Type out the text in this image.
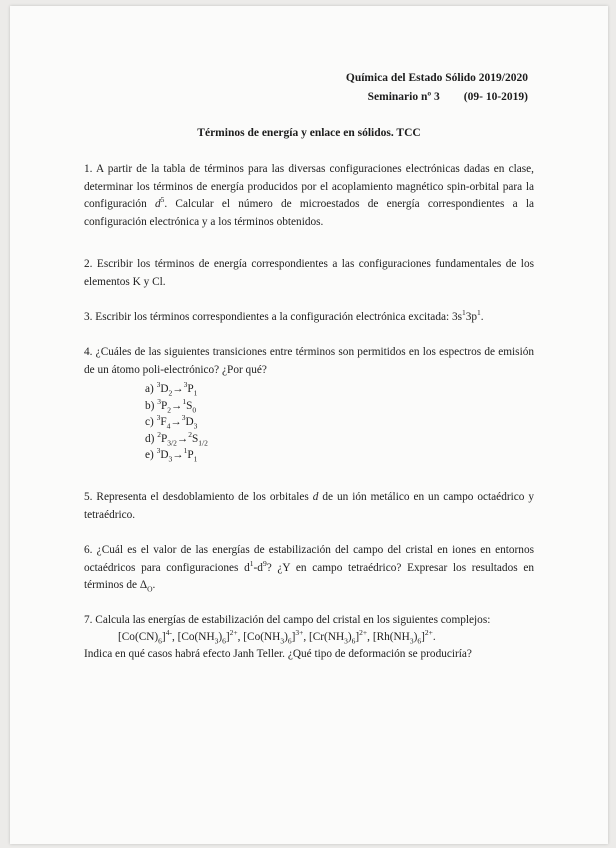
Química del Estado Sólido 2019/2020
Seminario nº 3 (09- 10-2019)
Términos de energía y enlace en sólidos. TCC
1. A partir de la tabla de términos para las diversas configuraciones electrónicas dadas en clase, determinar los términos de energía producidos por el acoplamiento magnético spin-orbital para la configuración $d^5$. Calcular el número de microestados de energía correspondientes a la configuración electrónica y a los términos obtenidos.
2. Escribir los términos de energía correspondientes a las configuraciones fundamentales de los elementos K y Cl.
3. Escribir los términos correspondientes a la configuración electrónica excitada: $3s^13p^1$.
4. ¿Cuáles de las siguientes transiciones entre términos son permitidos en los espectros de emisión de un átomo poli-electrónico? ¿Por qué?
a) $^3D_2\to^3P_1$
b) $^3P_2\to^1S_0$
c) $^3F_4\to^3D_3$
d) $^2P_{3/2}\to^2S_{1/2}$
e) $^3D_3\to^1P_1$
5. Representa el desdoblamiento de los orbitales d de un ión metálico en un campo octaédrico y tetraédrico.
6. ¿Cuál es el valor de las energías de estabilización del campo del cristal en iones en entornos octaédricos para configuraciones $d^1-d^9$? ¿Y en campo tetraédrico? Expresar los resultados en términos de $\Delta_O$.
7. Calcula las energías de estabilización del campo del cristal en los siguientes complejos:
$[Co(CN)_6]^{4-}$, $[Co(NH_3)_6]^{2+}$, $[Co(NH_3)_6]^{3+}$, $[Cr(NH_3)_6]^{2+}$, $[Rh(NH_3)_6]^{2+}$.
Indica en qué casos habrá efecto Janh Teller. ¿Qué tipo de deformación se produciría?
